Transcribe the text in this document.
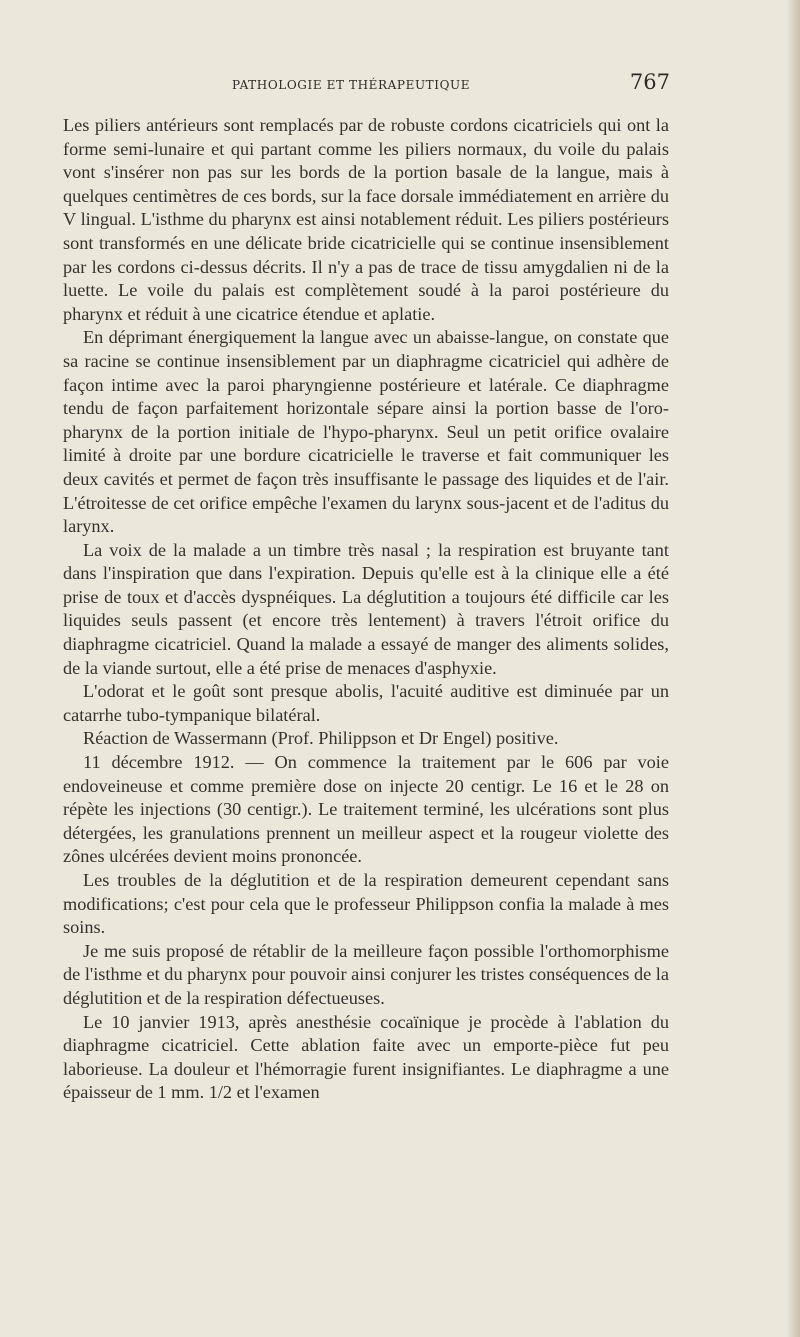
PATHOLOGIE ET THÉRAPEUTIQUE	767

Les piliers antérieurs sont remplacés par de robuste cordons cicatriciels qui ont la forme semi-lunaire et qui partant comme les piliers normaux, du voile du palais vont s'insérer non pas sur les bords de la portion basale de la langue, mais à quelques centimètres de ces bords, sur la face dorsale immédiatement en arrière du V lingual. L'isthme du pharynx est ainsi notablement réduit. Les piliers postérieurs sont transformés en une délicate bride cicatricielle qui se continue insensiblement par les cordons ci-dessus décrits. Il n'y a pas de trace de tissu amygdalien ni de la luette. Le voile du palais est complètement soudé à la paroi postérieure du pharynx et réduit à une cicatrice étendue et aplatie.

En déprimant énergiquement la langue avec un abaisse-langue, on constate que sa racine se continue insensiblement par un diaphragme cicatriciel qui adhère de façon intime avec la paroi pharyngienne postérieure et latérale. Ce diaphragme tendu de façon parfaitement horizontale sépare ainsi la portion basse de l'oro-pharynx de la portion initiale de l'hypo-pharynx. Seul un petit orifice ovalaire limité à droite par une bordure cicatricielle le traverse et fait communiquer les deux cavités et permet de façon très insuffisante le passage des liquides et de l'air. L'étroitesse de cet orifice empêche l'examen du larynx sous-jacent et de l'aditus du larynx.

La voix de la malade a un timbre très nasal ; la respiration est bruyante tant dans l'inspiration que dans l'expiration. Depuis qu'elle est à la clinique elle a été prise de toux et d'accès dyspnéiques. La déglutition a toujours été difficile car les liquides seuls passent (et encore très lentement) à travers l'étroit orifice du diaphragme cicatriciel. Quand la malade a essayé de manger des aliments solides, de la viande surtout, elle a été prise de menaces d'asphyxie.

L'odorat et le goût sont presque abolis, l'acuité auditive est diminuée par un catarrhe tubo-tympanique bilatéral.

Réaction de Wassermann (Prof. Philippson et Dr Engel) positive.

11 décembre 1912. — On commence la traitement par le 606 par voie endoveineuse et comme première dose on injecte 20 centigr. Le 16 et le 28 on répète les injections (30 centigr.). Le traitement terminé, les ulcérations sont plus détergées, les granulations prennent un meilleur aspect et la rougeur violette des zônes ulcérées devient moins prononcée.

Les troubles de la déglutition et de la respiration demeurent cependant sans modifications; c'est pour cela que le professeur Philippson confia la malade à mes soins.

Je me suis proposé de rétablir de la meilleure façon possible l'orthomorphisme de l'isthme et du pharynx pour pouvoir ainsi conjurer les tristes conséquences de la déglutition et de la respiration défectueuses.

Le 10 janvier 1913, après anesthésie cocaïnique je procède à l'ablation du diaphragme cicatriciel. Cette ablation faite avec un emporte-pièce fut peu laborieuse. La douleur et l'hémorragie furent insignifiantes. Le diaphragme a une épaisseur de 1 mm. 1/2 et l'examen
